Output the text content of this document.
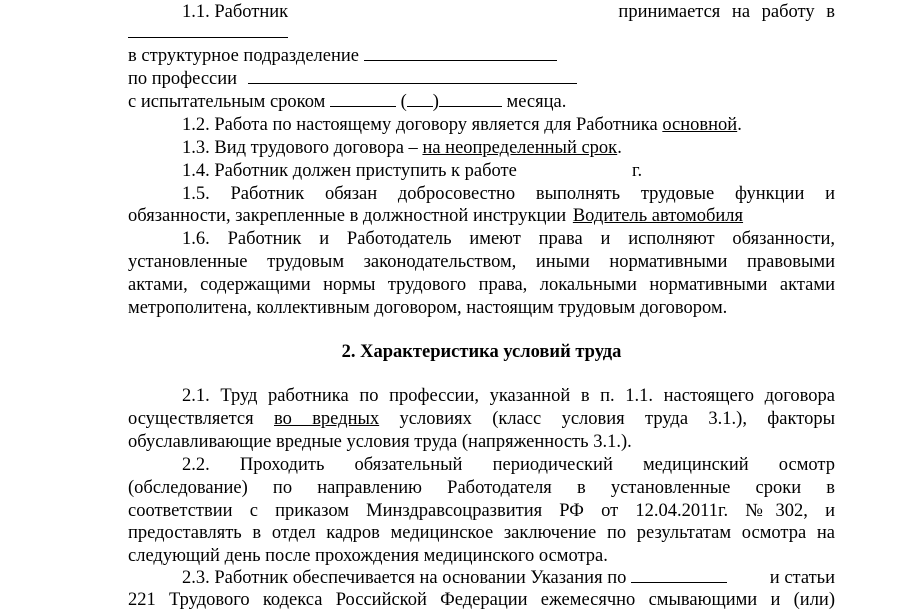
1.1. Работник	принимается на работу в
в структурное подразделение
по профессии
с испытательным сроком	( )	месяца.
1.2. Работа по настоящему договору является для Работника основной.
1.3. Вид трудового договора – на неопределенный срок.
1.4. Работник должен приступить к работе	г.
1.5. Работник обязан добросовестно выполнять трудовые функции и
обязанности, закрепленные в должностной инструкции Водитель автомобиля
1.6. Работник и Работодатель имеют права и исполняют обязанности,
установленные трудовым законодательством, иными нормативными правовыми
актами, содержащими нормы трудового права, локальными нормативными актами
метрополитена, коллективным договором, настоящим трудовым договором.
2. Характеристика условий труда
2.1. Труд работника по профессии, указанной в п. 1.1. настоящего договора
осуществляется во вредных условиях (класс условия труда 3.1.), факторы
обуславливающие вредные условия труда (напряженность 3.1.).
2.2. Проходить обязательный периодический медицинский осмотр
(обследование) по направлению Работодателя в установленные сроки в
соответствии с приказом Минздравсоцразвития РФ от 12.04.2011г. №302, и
предоставлять в отдел кадров медицинское заключение по результатам осмотра на
следующий день после прохождения медицинского осмотра.
2.3. Работник обеспечивается на основании Указания по	и статьи
221 Трудового кодекса Российской Федерации ежемесячно смывающими и (или)
